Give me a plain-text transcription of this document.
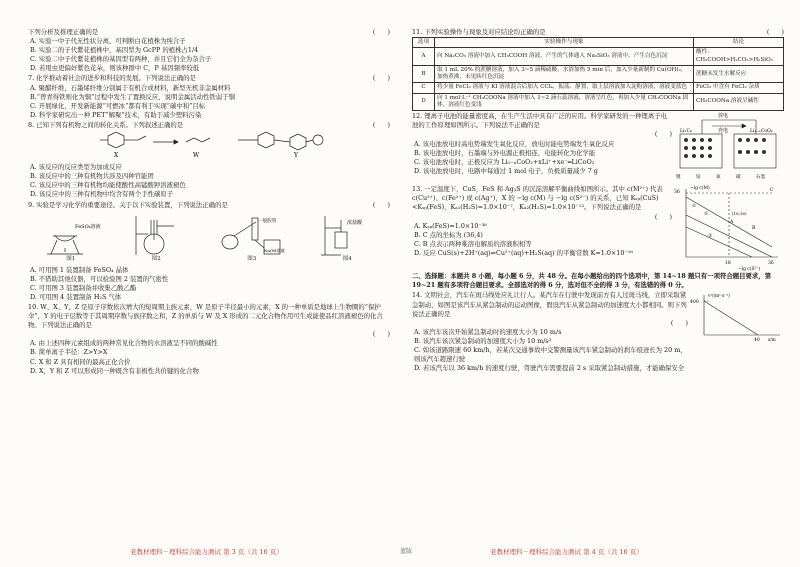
下列分析及推理正确的是	(      )
A. 实验一中子代无性状分离，可判断白花植株为纯合子
B. 实验二的子代紫花植株中，基因型为 GcPP 的植株占1/4
C. 实验二中子代紫花植株的基因型有两种，并且它们全为杂合子
D. 若甩虫更偏好紫色花朵，则该种群中 C，P 基因频率较低
7. 化学推动着社会的进步和科技的发展。下列说法正确的是	(      )
A. 聚醋纤维，石墨烯纤维分别属于有机合成材料，新型无机非金属材料
B.“曾青得铁则化为铜”过程中发生了置换反应，说明金属活动性铁弱于铜
C. 开展绿化，开发新能源“可燃冰”都有利于实现“碳中和”目标
D. 科学家研究出一种 PET“解聚”技术，有助于减少塑料污染
8. 已知下列有机物之间的转化关系。下列叙述正确的是	(      )
X	W	Y
A. 该反应的反应类型为加成反应
B. 该反应中的三种有机物共涉及四种官能团
C. 该反应中的三种有机物均能使酸性高锰酸钾溶液褪色
D. 该反应中的三种有机物中均含有两个手性碳原子
9. 实验是学习化学的重要途径。关于以下实验装置，下列说法正确的是	(      )
FeSO₄溶液
图1	图2
一般胶管
NaOH溶液
图3
浓盐酸
图4
A. 可用图 1 装置制备 FeSO₄ 晶体
B. 不借助其他仪器，可以检验图 2 装置的气密性
C. 可用图 3 装置制备并收集乙酸乙酯
D. 可用图 4 装置制备 H₂S 气体
10. W、X、Y、Z 是原子序数依次增大的短周期主族元素，W 是原子半径最小的元素，X 的一种单质是地球上生物圈的“保护伞”，Y 的电子层数等于其周期序数与族序数之和，Z 的单质与 W 及 X 形成的二元化合物作用可生成能使品红溶液褪色的化合物。下列说法正确的是
(      )
A. 由上述四种元素组成的两种常见化合物的水溶液呈不同的酸碱性
B. 简单离子半径：Z>Y>X
C. X 和 Z 具有相同的最高正化合价
D. X，Y 和 Z 可以形成同一种既含有非极性共价键的化合物
老教材理科－理科综合能力测试 第 3 页（共 16 页）	蓝版
11. 下列实验操作与现象及对应结论均正确的是	(      )
选项	实验操作与现象	结论
A	向 Na₂CO₃ 溶液中加入 CH₃COOH 溶液，产生的气体通入 Na₂SiO₃ 溶液中，产生白色沉淀	酸性：CH₃COOH>H₂CO₃>H₂SiO₃
B	取 1 mL 20% 的蔗糖溶液，加入 3~5 滴稀硫酸，水浴加热 5 min 后，加入少量新制的 Cu(OH)₂，加热煮沸，未见砖红色沉淀	蔗糖未发生水解反应
C	将少量 FeCl₃ 溶液与 KI 溶液混合后加入 CCl₄，振荡、静置，取上层溶液加入淀粉溶液，溶液变蓝色	FeCl₃ 中含有 FeCl₂ 杂质
D	向 1 mol·L⁻¹ CH₃COONa 溶液中加入 1~2 滴石蕊溶液，溶液呈红色，再加入少量 CH₃COONa 固体，溶液红色变浅	CH₃COONa 溶液呈碱性
12. 锂离子电池的能量密度高，在生产生活中具有广泛的应用。科学家研发的一种锂离子电池的工作原理如图所示。下列说法不正确的是
(      )
A. 该电池放电时高电势端发生氧化反应，放电时能电势端发生氧化反应
B. 该电池放电时，石墨端与外电源正极相连，电能转化为化学能
C. 该电池放电时，正极反应为 Li₁₋ₓCoO₂+xLi⁺+xe⁻═LiCoO₂
D. 该电池放电时，电路中每通过 1 mol 电子，负极质量减少 7 g
放电
充电
LiₓC₆	Li₁₋ₓCoO₂
锂	钴	氧	碳	石墨
13. 一定温度下，CuS，FeS 和 Ag₂S 的沉淀溶解平衡曲线如图所示。其中 c(M²⁺) 代表 c(Cu²⁺)、c(Fe²⁺) 或 c(Ag⁺)，X 的 −lg c(M) 与 −lg c(S²⁻) 的关系，已知 Kₛₚ(CuS)<Kₛₚ(FeS)，Kₐ₁(H₂S)=1.0×10⁻⁷，Kₐ₂(H₂S)=1.0×10⁻¹³。下列说法正确的是
(      )
A. Kₛₚ(FeS)=1.0×10⁻³⁶
B. C 点的坐标为 (36,4)
C. B 点表示两种难溶电解质的溶液积相等
D. 反应 CuS(s)+2H⁺(aq)⇌Cu²⁺(aq)+H₂S(aq) 的平衡常数 K=1.0×10⁻¹⁶
36
18	36
−lg c(S²⁻)
−lg c(M)
A
B
C
①
②
③
(18,16)
二、选择题：本题共 8 小题，每小题 6 分，共 48 分。在每小题给出的四个选项中，第 14~18 题只有一项符合题目要求，第 19~21 题有多项符合题目要求。全部选对的得 6 分，选对但不全的得 3 分，有选错的得 0 分。
14. 文明社会，汽车在斑马线处应礼让行人。某汽车在行驶中发现前方有人过斑马线，立即采取紧急制动，如图是该汽车从紧急制动的运动图像，假设汽车从紧急制动的加速度大小都相同。则下列说法正确的是
(      )
A. 该汽车该次开始紧急制动时的速度大小为 10 m/s
B. 该汽车该次紧急制动的加速度大小为 10 m/s²
C. 如该道路限速 60 km/h，若某次交通事故中交警测量该汽车紧急制动的刹车痕迹长为 20 m，则该汽车超速行驶
D. 若该汽车以 36 km/h 的速度行驶，驾驶汽车需要提前 2 s 采取紧急制动措施，才能确保安全
v²/(m²·s⁻²)
400
40 x/m
老教材理科－理科综合能力测试 第 4 页（共 16 页）
